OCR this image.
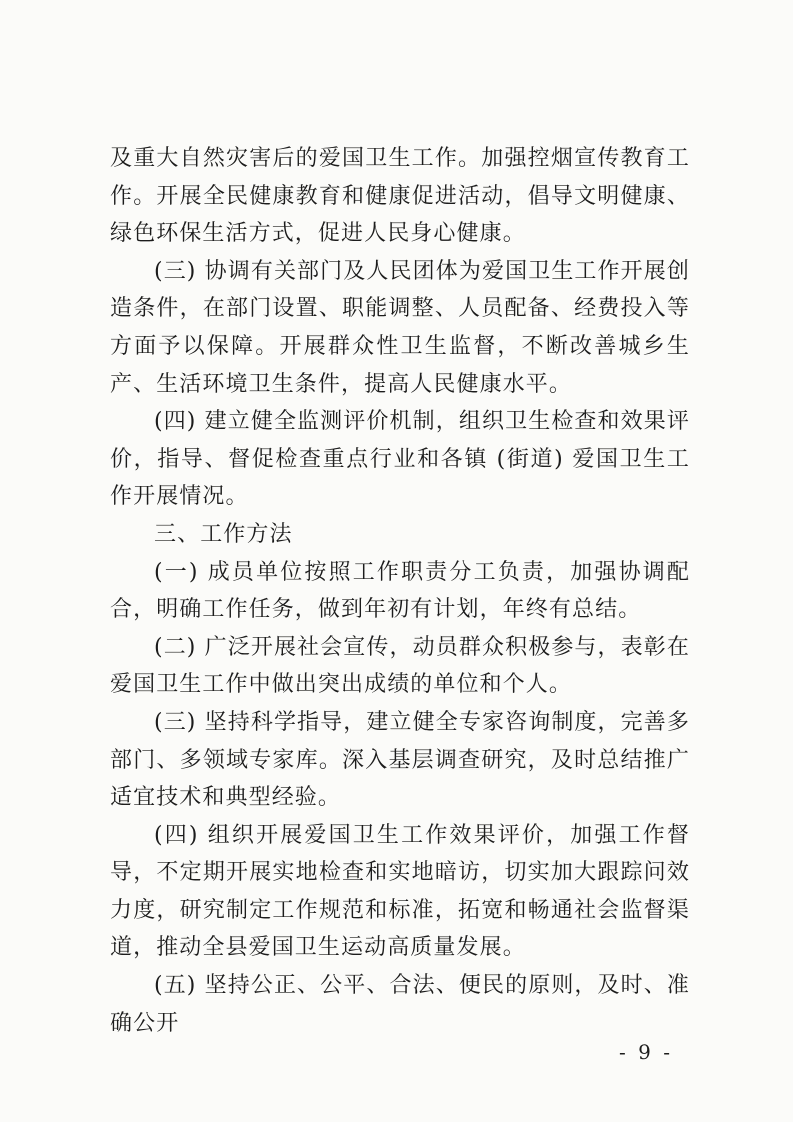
及重大自然灾害后的爱国卫生工作。加强控烟宣传教育工作。开展全民健康教育和健康促进活动，倡导文明健康、绿色环保生活方式，促进人民身心健康。

(三) 协调有关部门及人民团体为爱国卫生工作开展创造条件，在部门设置、职能调整、人员配备、经费投入等方面予以保障。开展群众性卫生监督，不断改善城乡生产、生活环境卫生条件，提高人民健康水平。

(四) 建立健全监测评价机制，组织卫生检查和效果评价，指导、督促检查重点行业和各镇 (街道) 爱国卫生工作开展情况。

三、工作方法

(一) 成员单位按照工作职责分工负责，加强协调配合，明确工作任务，做到年初有计划，年终有总结。

(二) 广泛开展社会宣传，动员群众积极参与，表彰在爱国卫生工作中做出突出成绩的单位和个人。

(三) 坚持科学指导，建立健全专家咨询制度，完善多部门、多领域专家库。深入基层调查研究，及时总结推广适宜技术和典型经验。

(四) 组织开展爱国卫生工作效果评价，加强工作督导，不定期开展实地检查和实地暗访，切实加大跟踪问效力度，研究制定工作规范和标准，拓宽和畅通社会监督渠道，推动全县爱国卫生运动高质量发展。

(五) 坚持公正、公平、合法、便民的原则，及时、准确公开

- 9 -
